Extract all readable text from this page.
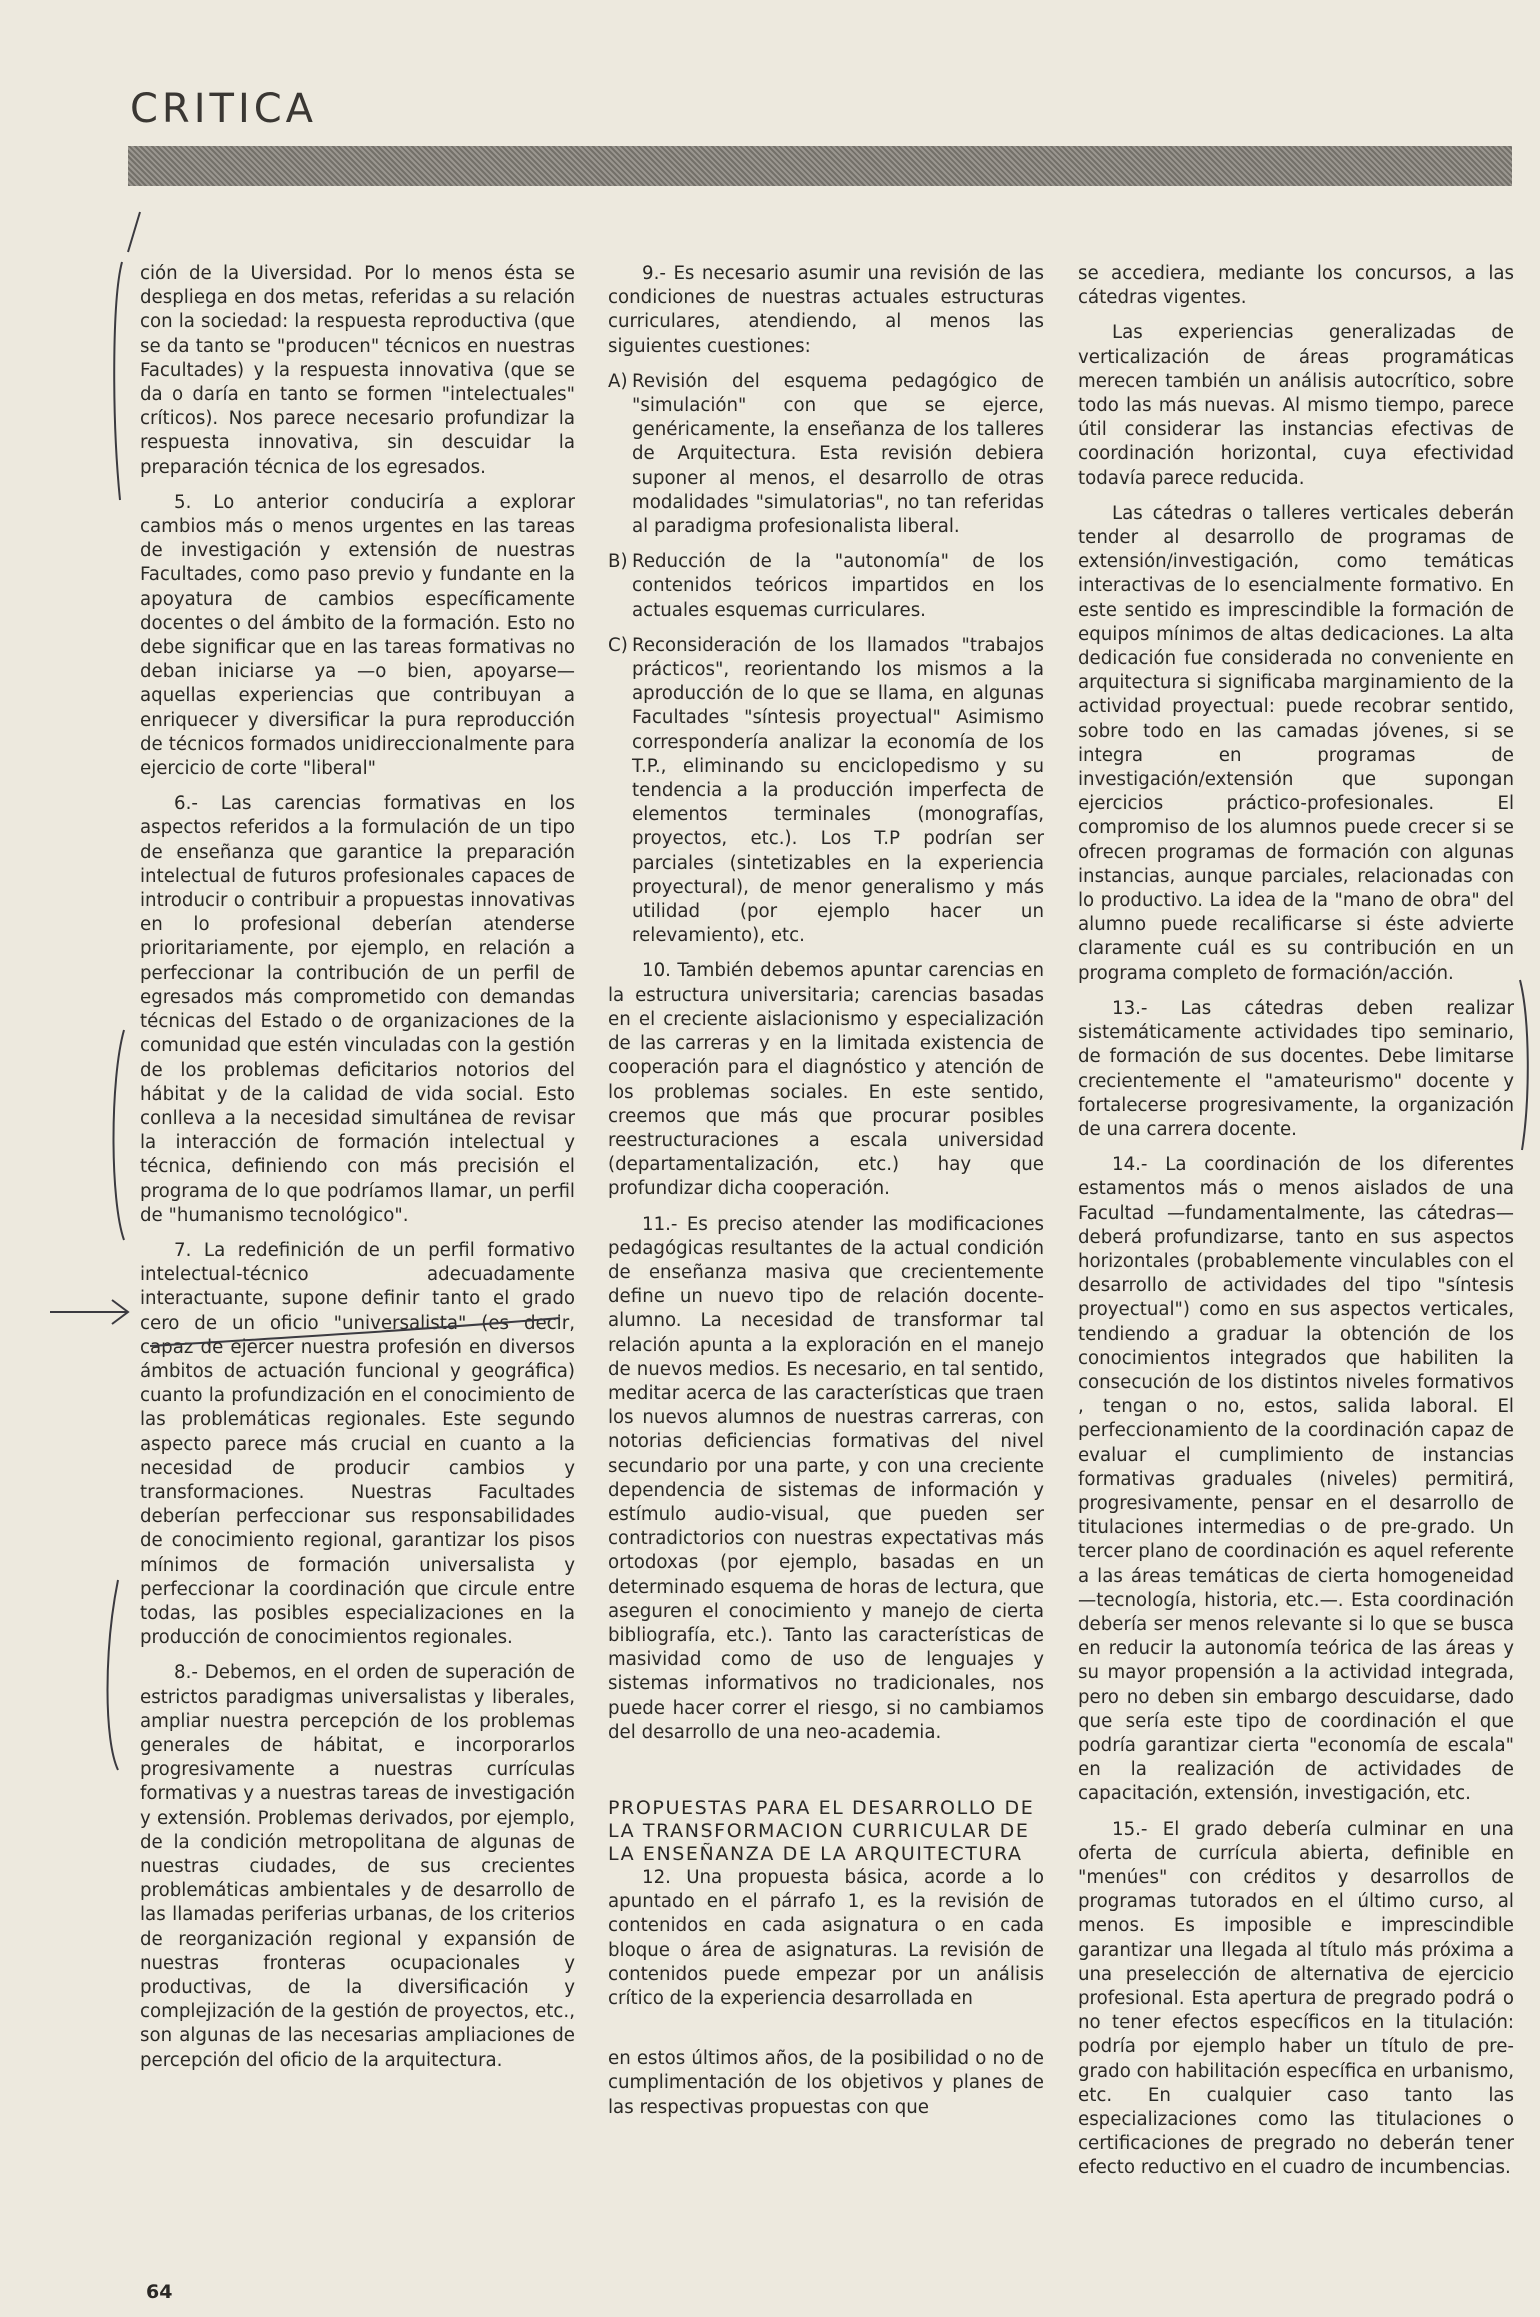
CRITICA

ción de la Uiversidad. Por lo menos ésta se despliega en dos metas, referidas a su relación con la sociedad: la respuesta reproductiva (que se da tanto se "producen" técnicos en nuestras Facultades) y la respuesta innovativa (que se da o daría en tanto se formen "intelectuales" críticos). Nos parece necesario profundizar la respuesta innovativa, sin descuidar la preparación técnica de los egresados.

5. Lo anterior conduciría a explorar cambios más o menos urgentes en las tareas de investigación y extensión de nuestras Facultades, como paso previo y fundante en la apoyatura de cambios específicamente docentes o del ámbito de la formación. Esto no debe significar que en las tareas formativas no deban iniciarse ya —o bien, apoyarse— aquellas experiencias que contribuyan a enriquecer y diversificar la pura reproducción de técnicos formados unidireccionalmente para ejercicio de corte "liberal"

6.- Las carencias formativas en los aspectos referidos a la formulación de un tipo de enseñanza que garantice la preparación intelectual de futuros profesionales capaces de introducir o contribuir a propuestas innovativas en lo profesional deberían atenderse prioritariamente, por ejemplo, en relación a perfeccionar la contribución de un perfil de egresados más comprometido con demandas técnicas del Estado o de organizaciones de la comunidad que estén vinculadas con la gestión de los problemas deficitarios notorios del hábitat y de la calidad de vida social. Esto conlleva a la necesidad simultánea de revisar la interacción de formación intelectual y técnica, definiendo con más precisión el programa de lo que podríamos llamar, un perfil de "humanismo tecnológico".

7. La redefinición de un perfil formativo intelectual-técnico adecuadamente interactuante, supone definir tanto el grado cero de un oficio "universalista" (es decir, capaz de ejercer nuestra profesión en diversos ámbitos de actuación funcional y geográfica) cuanto la profundización en el conocimiento de las problemáticas regionales. Este segundo aspecto parece más crucial en cuanto a la necesidad de producir cambios y transformaciones. Nuestras Facultades deberían perfeccionar sus responsabilidades de conocimiento regional, garantizar los pisos mínimos de formación universalista y perfeccionar la coordinación que circule entre todas, las posibles especializaciones en la producción de conocimientos regionales.

8.- Debemos, en el orden de superación de estrictos paradigmas universalistas y liberales, ampliar nuestra percepción de los problemas generales de hábitat, e incorporarlos progresivamente a nuestras currículas formativas y a nuestras tareas de investigación y extensión. Problemas derivados, por ejemplo, de la condición metropolitana de algunas de nuestras ciudades, de sus crecientes problemáticas ambientales y de desarrollo de las llamadas periferias urbanas, de los criterios de reorganización regional y expansión de nuestras fronteras ocupacionales y productivas, de la diversificación y complejización de la gestión de proyectos, etc., son algunas de las necesarias ampliaciones de percepción del oficio de la arquitectura.

9.- Es necesario asumir una revisión de las condiciones de nuestras actuales estructuras curriculares, atendiendo, al menos las siguientes cuestiones:

A) Revisión del esquema pedagógico de "simulación" con que se ejerce, genéricamente, la enseñanza de los talleres de Arquitectura. Esta revisión debiera suponer al menos, el desarrollo de otras modalidades "simulatorias", no tan referidas al paradigma profesionalista liberal.

B) Reducción de la "autonomía" de los contenidos teóricos impartidos en los actuales esquemas curriculares.

C) Reconsideración de los llamados "trabajos prácticos", reorientando los mismos a la aproducción de lo que se llama, en algunas Facultades "síntesis proyectual" Asimismo correspondería analizar la economía de los T.P., eliminando su enciclopedismo y su tendencia a la producción imperfecta de elementos terminales (monografías, proyectos, etc.). Los T.P podrían ser parciales (sintetizables en la experiencia proyectural), de menor generalismo y más utilidad (por ejemplo hacer un relevamiento), etc.

10. También debemos apuntar carencias en la estructura universitaria; carencias basadas en el creciente aislacionismo y especialización de las carreras y en la limitada existencia de cooperación para el diagnóstico y atención de los problemas sociales. En este sentido, creemos que más que procurar posibles reestructuraciones a escala universidad (departamentalización, etc.) hay que profundizar dicha cooperación.

11.- Es preciso atender las modificaciones pedagógicas resultantes de la actual condición de enseñanza masiva que crecientemente define un nuevo tipo de relación docente-alumno. La necesidad de transformar tal relación apunta a la exploración en el manejo de nuevos medios. Es necesario, en tal sentido, meditar acerca de las características que traen los nuevos alumnos de nuestras carreras, con notorias deficiencias formativas del nivel secundario por una parte, y con una creciente dependencia de sistemas de información y estímulo audio-visual, que pueden ser contradictorios con nuestras expectativas más ortodoxas (por ejemplo, basadas en un determinado esquema de horas de lectura, que aseguren el conocimiento y manejo de cierta bibliografía, etc.). Tanto las características de masividad como de uso de lenguajes y sistemas informativos no tradicionales, nos puede hacer correr el riesgo, si no cambiamos del desarrollo de una neo-academia.

PROPUESTAS PARA EL DESARROLLO DE LA TRANSFORMACION CURRICULAR DE LA ENSEÑANZA DE LA ARQUITECTURA

12. Una propuesta básica, acorde a lo apuntado en el párrafo 1, es la revisión de contenidos en cada asignatura o en cada bloque o área de asignaturas. La revisión de contenidos puede empezar por un análisis crítico de la experiencia desarrollada en

en estos últimos años, de la posibilidad o no de cumplimentación de los objetivos y planes de las respectivas propuestas con que

se accediera, mediante los concursos, a las cátedras vigentes.

Las experiencias generalizadas de verticalización de áreas programáticas merecen también un análisis autocrítico, sobre todo las más nuevas. Al mismo tiempo, parece útil considerar las instancias efectivas de coordinación horizontal, cuya efectividad todavía parece reducida.

Las cátedras o talleres verticales deberán tender al desarrollo de programas de extensión/investigación, como temáticas interactivas de lo esencialmente formativo. En este sentido es imprescindible la formación de equipos mínimos de altas dedicaciones. La alta dedicación fue considerada no conveniente en arquitectura si significaba marginamiento de la actividad proyectual: puede recobrar sentido, sobre todo en las camadas jóvenes, si se integra en programas de investigación/extensión que supongan ejercicios práctico-profesionales. El compromiso de los alumnos puede crecer si se ofrecen programas de formación con algunas instancias, aunque parciales, relacionadas con lo productivo. La idea de la "mano de obra" del alumno puede recalificarse si éste advierte claramente cuál es su contribución en un programa completo de formación/acción.

13.- Las cátedras deben realizar sistemáticamente actividades tipo seminario, de formación de sus docentes. Debe limitarse crecientemente el "amateurismo" docente y fortalecerse progresivamente, la organización de una carrera docente.

14.- La coordinación de los diferentes estamentos más o menos aislados de una Facultad —fundamentalmente, las cátedras— deberá profundizarse, tanto en sus aspectos horizontales (probablemente vinculables con el desarrollo de actividades del tipo "síntesis proyectual") como en sus aspectos verticales, tendiendo a graduar la obtención de los conocimientos integrados que habiliten la consecución de los distintos niveles formativos , tengan o no, estos, salida laboral. El perfeccionamiento de la coordinación capaz de evaluar el cumplimiento de instancias formativas graduales (niveles) permitirá, progresivamente, pensar en el desarrollo de titulaciones intermedias o de pre-grado. Un tercer plano de coordinación es aquel referente a las áreas temáticas de cierta homogeneidad —tecnología, historia, etc.—. Esta coordinación debería ser menos relevante si lo que se busca en reducir la autonomía teórica de las áreas y su mayor propensión a la actividad integrada, pero no deben sin embargo descuidarse, dado que sería este tipo de coordinación el que podría garantizar cierta "economía de escala" en la realización de actividades de capacitación, extensión, investigación, etc.

15.- El grado debería culminar en una oferta de currícula abierta, definible en "menúes" con créditos y desarrollos de programas tutorados en el último curso, al menos. Es imposible e imprescindible garantizar una llegada al título más próxima a una preselección de alternativa de ejercicio profesional. Esta apertura de pregrado podrá o no tener efectos específicos en la titulación: podría por ejemplo haber un título de pre-grado con habilitación específica en urbanismo, etc. En cualquier caso tanto las especializaciones como las titulaciones o certificaciones de pregrado no deberán tener efecto reductivo en el cuadro de incumbencias.

64
